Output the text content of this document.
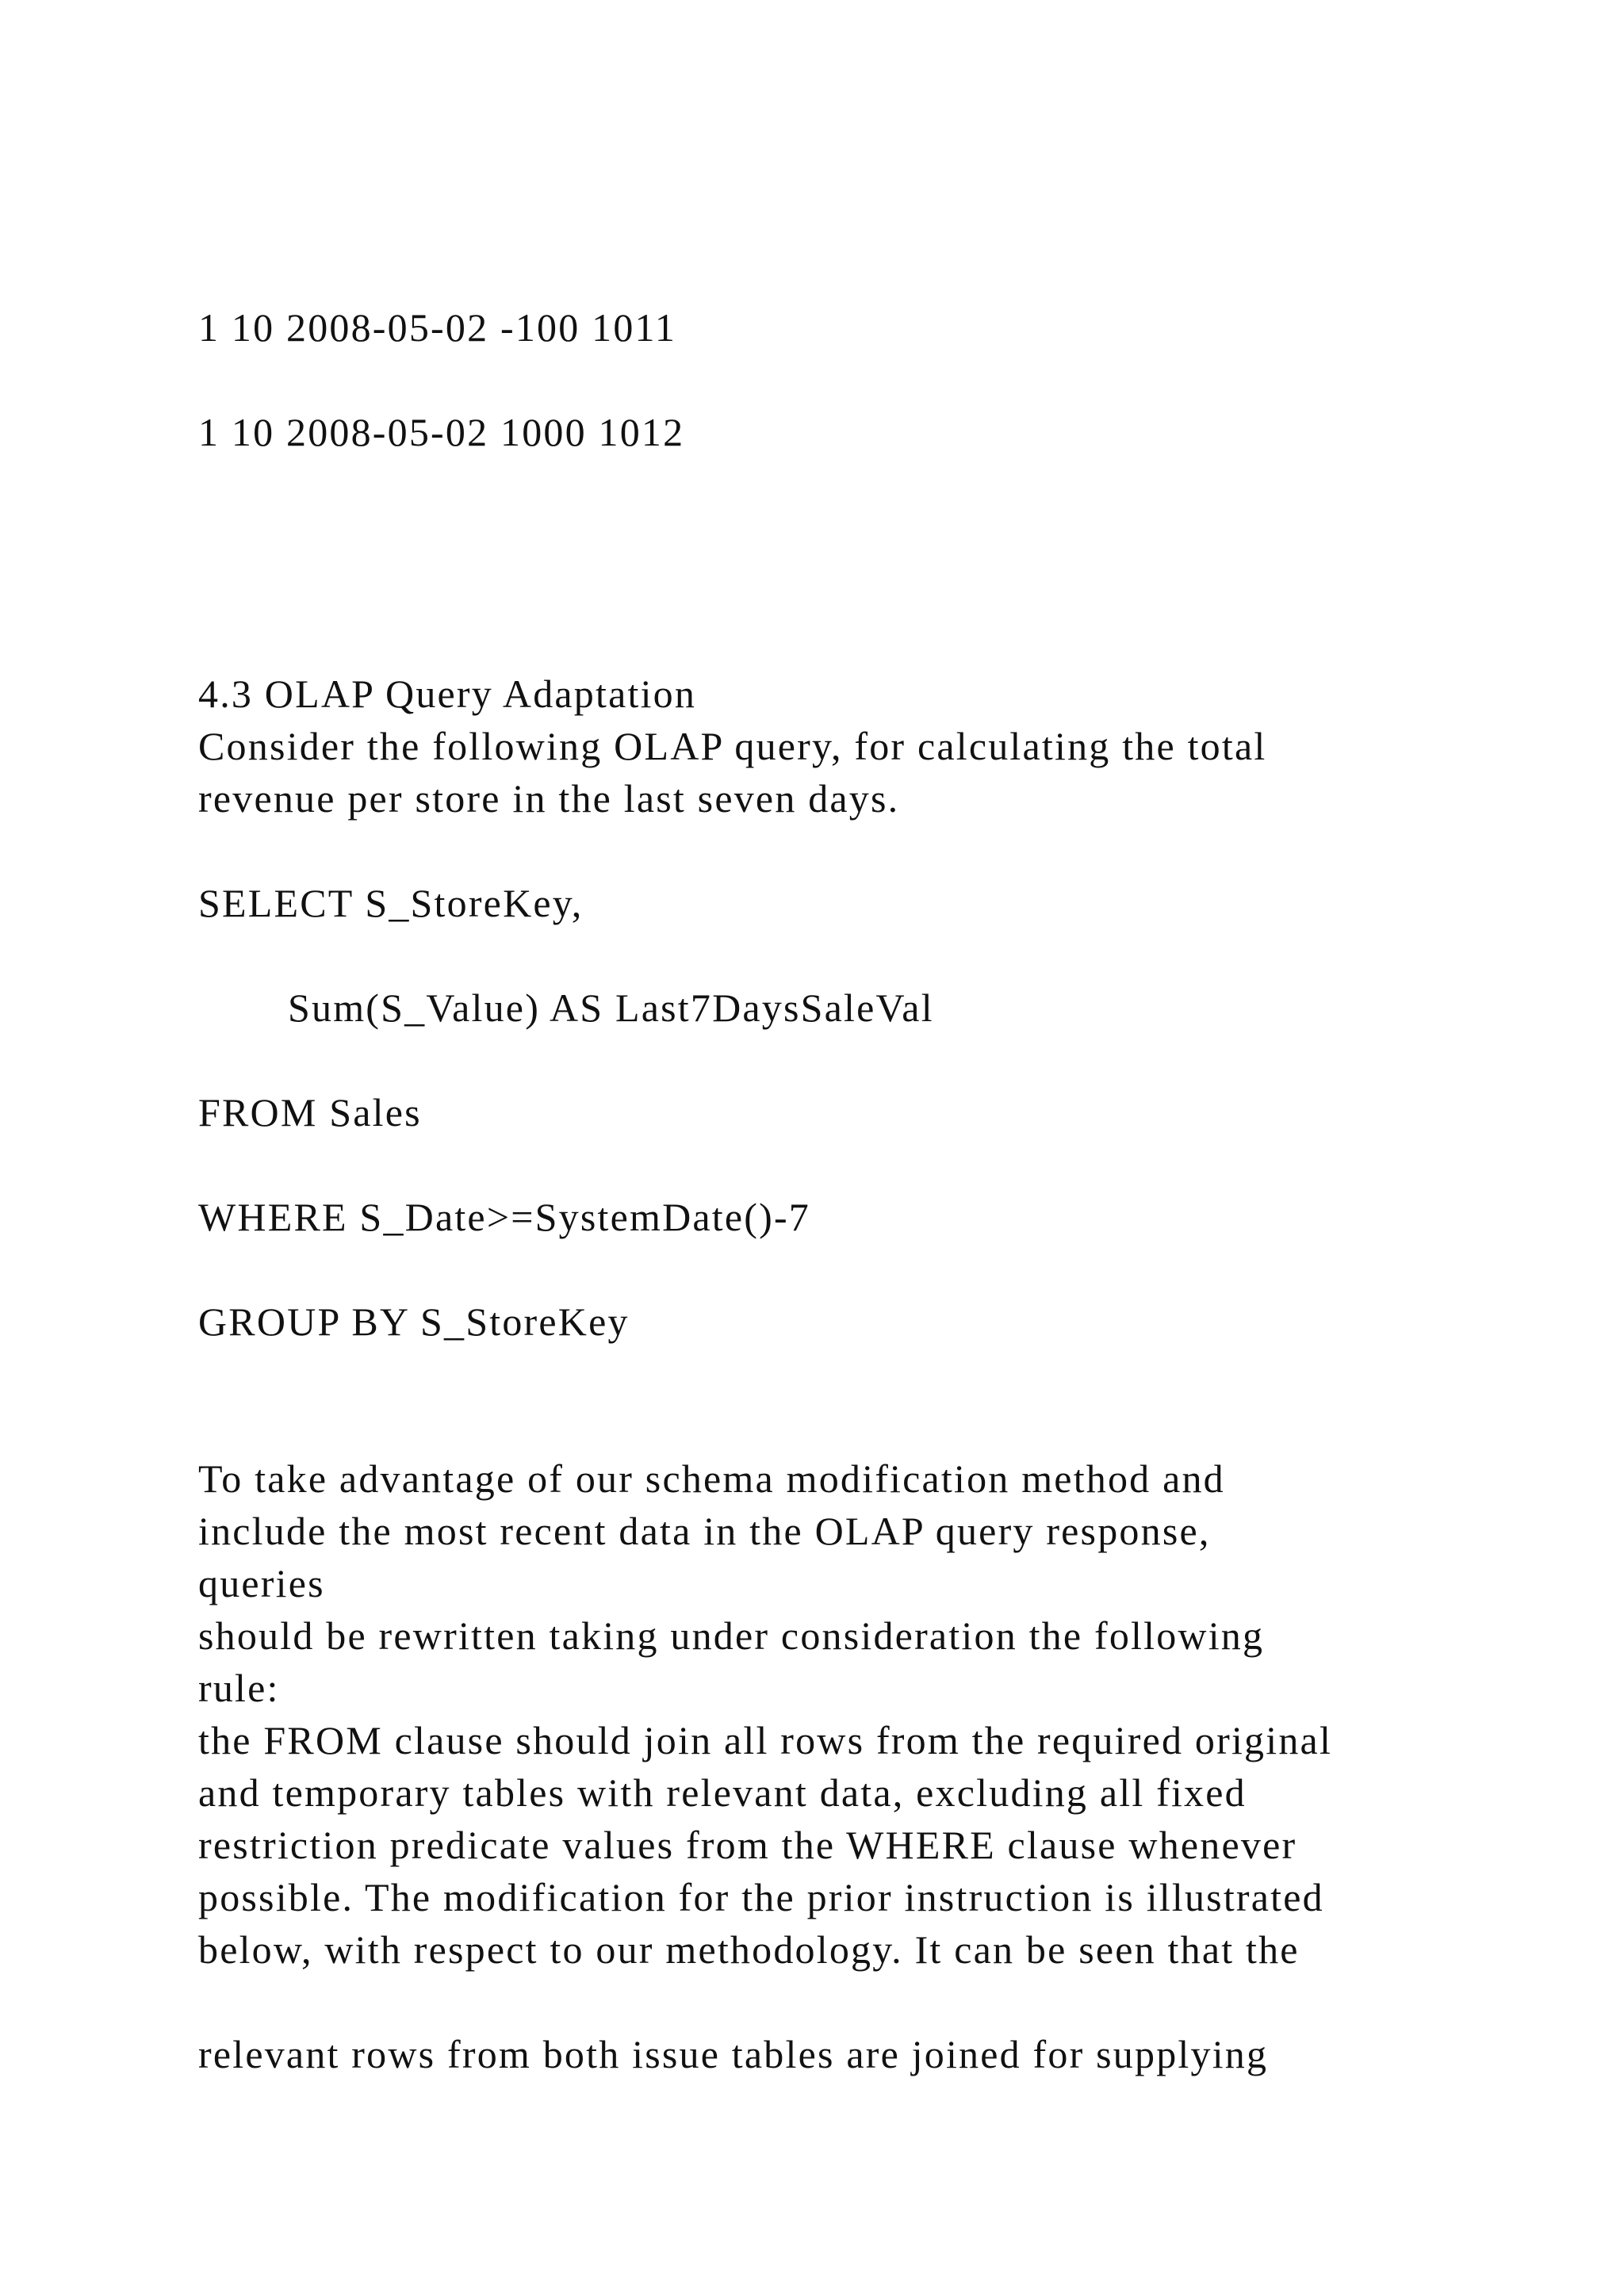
1 10 2008-05-02 -100 1011

1 10 2008-05-02 1000 1012

4.3 OLAP Query Adaptation

Consider the following OLAP query, for calculating the total

revenue per store in the last seven days.

SELECT S_StoreKey,

Sum(S_Value) AS Last7DaysSaleVal

FROM Sales

WHERE S_Date>=SystemDate()-7

GROUP BY S_StoreKey

To take advantage of our schema modification method and

include the most recent data in the OLAP query response,

queries

should be rewritten taking under consideration the following

rule:

the FROM clause should join all rows from the required original

and temporary tables with relevant data, excluding all fixed

restriction predicate values from the WHERE clause whenever

possible. The modification for the prior instruction is illustrated

below, with respect to our methodology. It can be seen that the

relevant rows from both issue tables are joined for supplying
